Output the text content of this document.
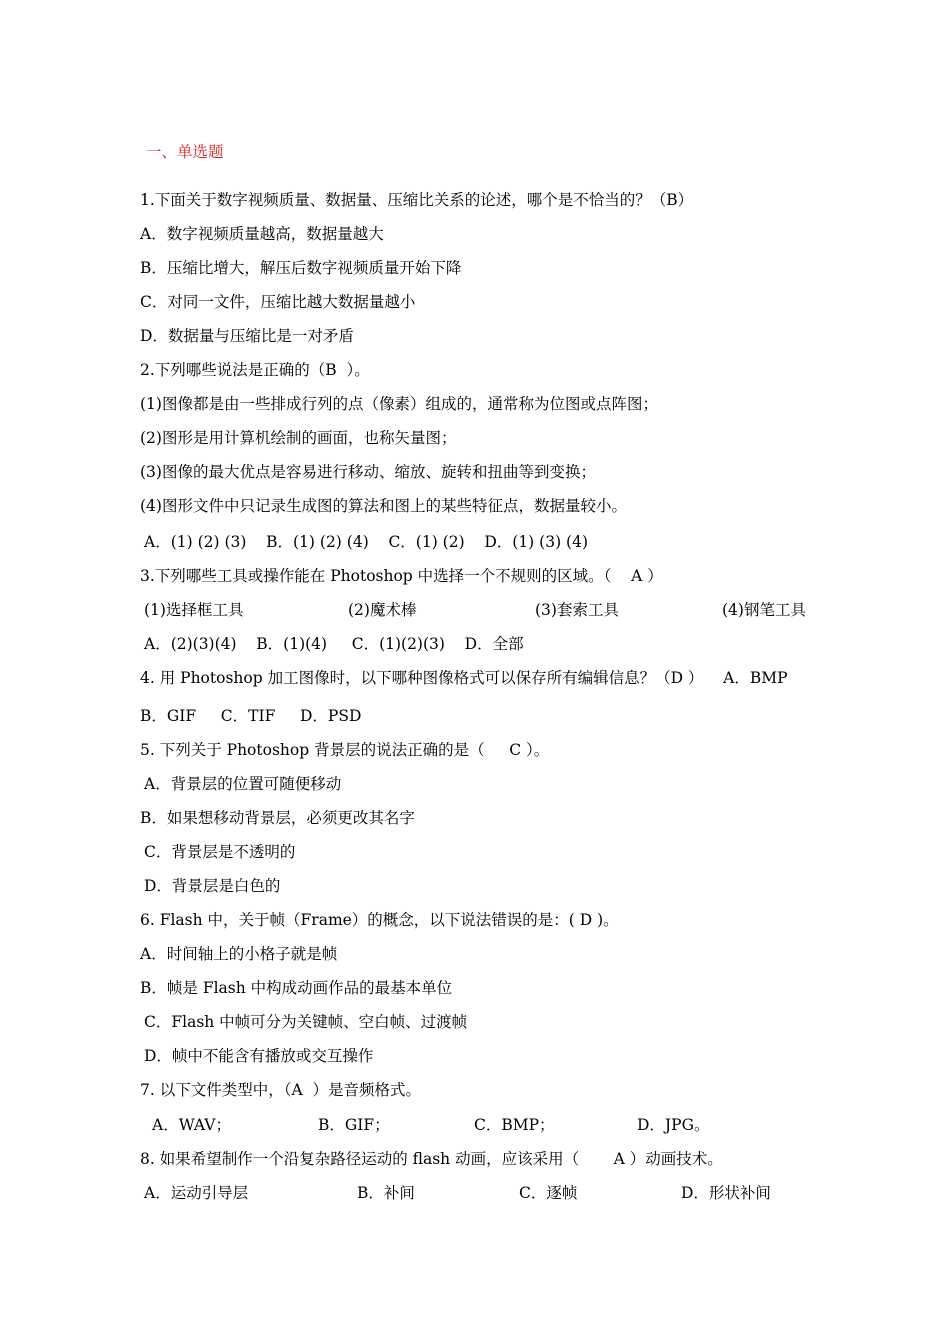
一、单选题
1.下面关于数字视频质量、数据量、压缩比关系的论述，哪个是不恰当的？（B）
A．数字视频质量越高，数据量越大
B．压缩比增大，解压后数字视频质量开始下降
C．对同一文件，压缩比越大数据量越小
D．数据量与压缩比是一对矛盾
2.下列哪些说法是正确的（B  ）。
(1)图像都是由一些排成行列的点（像素）组成的，通常称为位图或点阵图；
(2)图形是用计算机绘制的画面，也称矢量图；
(3)图像的最大优点是容易进行移动、缩放、旋转和扭曲等到变换；
(4)图形文件中只记录生成图的算法和图上的某些特征点，数据量较小。
A．(1) (2) (3)    B．(1) (2) (4)    C．(1) (2)    D．(1) (3) (4)
3.下列哪些工具或操作能在 Photoshop 中选择一个不规则的区域。（    A ）
(1)选择框工具	(2)魔术棒	(3)套索工具	(4)钢笔工具
A．(2)(3)(4)    B．(1)(4)     C．(1)(2)(3)    D．全部
4. 用 Photoshop 加工图像时，以下哪种图像格式可以保存所有编辑信息？（D ）    A．BMP
B．GIF     C．TIF     D．PSD
5. 下列关于 Photoshop 背景层的说法正确的是（     C ）。
A．背景层的位置可随便移动
B．如果想移动背景层，必须更改其名字
C．背景层是不透明的
D．背景层是白色的
6. Flash 中，关于帧（Frame）的概念，以下说法错误的是：( D )。
A．时间轴上的小格子就是帧
B．帧是 Flash 中构成动画作品的最基本单位
C．Flash 中帧可分为关键帧、空白帧、过渡帧
D．帧中不能含有播放或交互操作
7. 以下文件类型中，（A  ）是音频格式。
A．WAV；	B．GIF；	C．BMP；	D．JPG。
8. 如果希望制作一个沿复杂路径运动的 flash 动画，应该采用（       A ）动画技术。
A．运动引导层	B．补间	C．逐帧	D．形状补间
